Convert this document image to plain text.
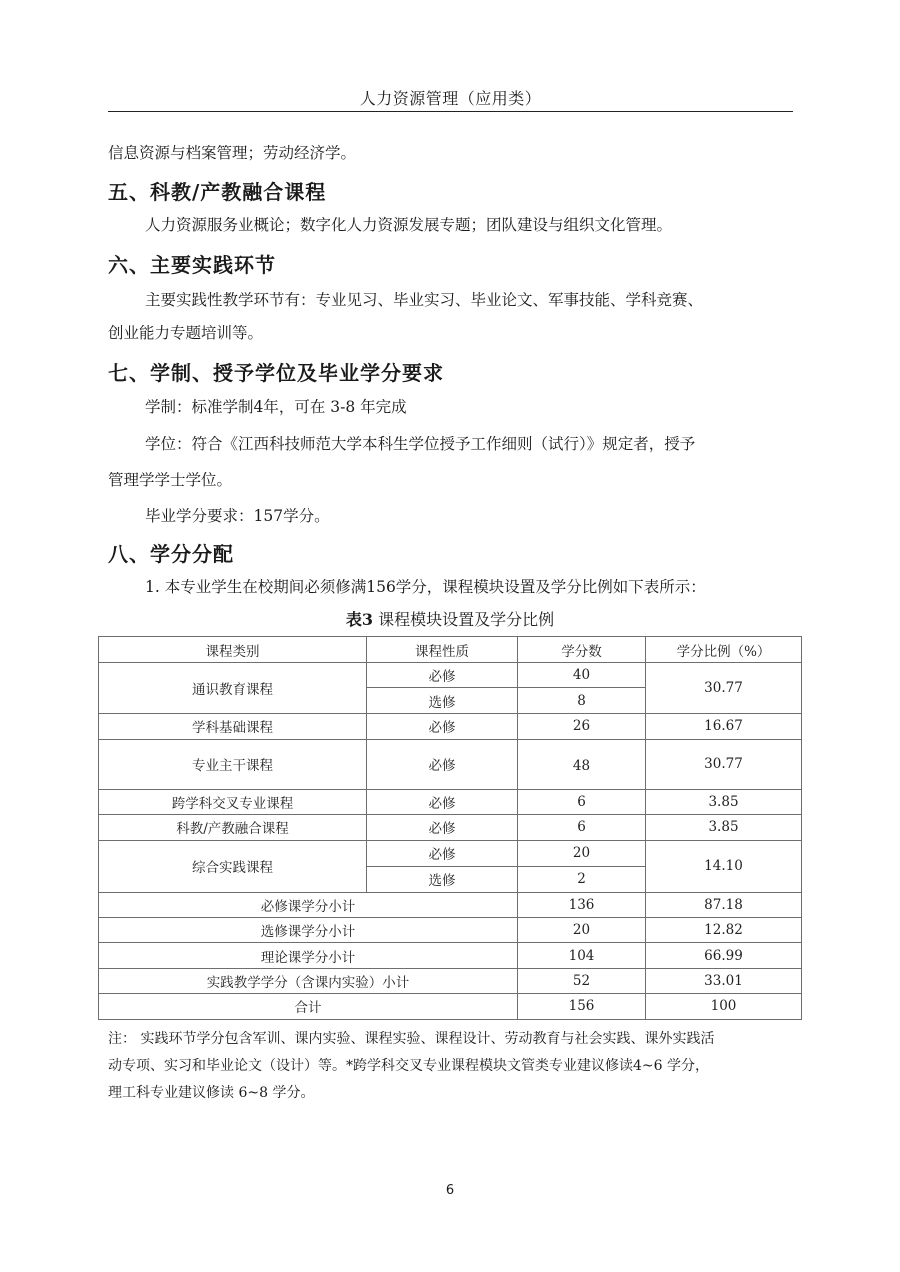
人力资源管理（应用类）
信息资源与档案管理；劳动经济学。
五、科教/产教融合课程
人力资源服务业概论；数字化人力资源发展专题；团队建设与组织文化管理。
六、主要实践环节
主要实践性教学环节有：专业见习、毕业实习、毕业论文、军事技能、学科竞赛、
创业能力专题培训等。
七、学制、授予学位及毕业学分要求
学制：标准学制4年，可在 3-8 年完成
学位：符合《江西科技师范大学本科生学位授予工作细则（试行）》规定者，授予
管理学学士学位。
毕业学分要求：157学分。
八、学分分配
1. 本专业学生在校期间必须修满156学分，课程模块设置及学分比例如下表所示：
表3 课程模块设置及学分比例
课程类别	课程性质	学分数	学分比例（%）
通识教育课程	必修	40	30.77
	选修	8	
学科基础课程	必修	26	16.67
专业主干课程	必修	48	30.77
跨学科交叉专业课程	必修	6	3.85
科教/产教融合课程	必修	6	3.85
综合实践课程	必修	20	14.10
	选修	2	
必修课学分小计		136	87.18
选修课学分小计		20	12.82
理论课学分小计		104	66.99
实践教学学分（含课内实验）小计		52	33.01
合计		156	100
注： 实践环节学分包含军训、课内实验、课程实验、课程设计、劳动教育与社会实践、课外实践活
动专项、实习和毕业论文（设计）等。*跨学科交叉专业课程模块文管类专业建议修读4~6 学分，
理工科专业建议修读 6~8 学分。
6
